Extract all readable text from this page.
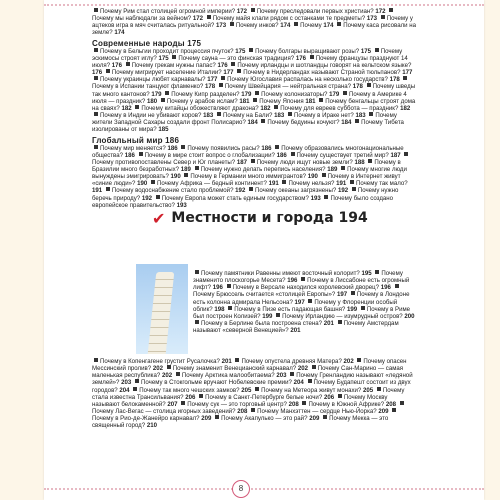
Почему Рим стал столицей огромной империи? 172 Почему преследовали первых христиан? 172 Почему мы наблюдали за вейном? 172 Почему майя клали рядом с останками те предметы? 173 Почему у ацтеков игра в мяч считалась ритуальной? 173 Почему инков? 174 Почему 174 Почему каса рисовали на земле? 174
Современные народы 175
Почему в Бельгии проходит процессия пчуток? 175 Почему болгары выращивают розы? 175 Почему эскимосы строят иглу? 175 Почему сауна — это финская традиция? 176 Почему французы празднуют 14 июля? 176 Почему грекам нужны папаc? 176 Почему ирландцы и шотландцы говорят на кельтском языке? 176 Почему мигрирует население Италии? 177 Почему в Нидерландах называют Страной тюльпанов? 177 Почему украинцы любят карнавалы? 177 Почему Югославия распалась на несколько государств? 178 Почему в Испании танцуют фламенко? 178 Почему Швейцария — нейтральная страна? 178 Почему шведы так много кантонов? 179 Почему Кипр разделен? 179 Почему колонизаторы? 179 Почему в Америке 4 июля — праздник? 180 Почему у арабов ислам? 181 Почему Япония 181 Почему бенгальцы строят дома на сваях? 182 Почему китайцы обожествляют дракона? 182 Почему для евреев суббота — праздник? 182 Почему в Индии не убивают коров? 183 Почему на Бали? 183 Почему в Ираке нет? 183 Почему жители Западной Сахары создали фронт Полисарио? 184 Почему бедуины кочуют? 184 Почему Тибета изолированы от мира? 185
Глобальный мир 186
Почему мир меняется? 186 Почему появились расы? 186 Почему образовались многонациональные общества? 186 Почему в мире стоит вопрос о глобализации? 186 Почему существует третий мир? 187 Почему противопоставлены Север и Юг планеты? 187 Почему люди ищут новые земли? 188 Почему в Бразилии много безработных? 189 Почему нужно делать перепись населения? 189 Почему многие люди вынуждены эмигрировать? 190 Почему в Германии много иммигрантов? 190 Почему в Интернет живут «синие люди»? 190 Почему Африка — бедный континент? 191 Почему нельзя? 191 Почему так мало? 191 Почему водоснабжение стало проблемой? 192 Почему океаны загрязнены? 192 Почему нужно беречь природу? 192 Почему Европа может стать единым государством? 193 Почему было создано европейское правительство? 193
✔ Местности и города 194
Почему памятники Равенны имеют восточный колорит? 195 Почему знаменито плоскогорье Месета? 196 Почему в Лиссабоне есть огромный лифт? 196 Почему в Версале находился королевский дворец? 196 Почему Брюссель считается «столицей Европы»? 197 Почему в Лондоне есть колонна адмирала Нельсона? 197 Почему у Флоренции особый облик? 198 Почему в Пизе есть падающая башня? 199 Почему в Риме был построен Колизей? 199 Почему Ирландию — изумрудный остров? 200 Почему в Берлине была построена стена? 201 Почему Амстердам называют «северной Венецией»? 201
Почему в Копенгагене грустит Русалочка? 201 Почему опустела древняя Матера? 202 Почему опасен Мессинский пролив? 202 Почему знаменит Венецианский карнавал? 202 Почему Сан-Марино — самая маленькая республика? 202 Почему Арктика малообитаема? 203 Почему Гренландию называют «ледяной землей»? 203 Почему в Стокгольме вручают Нобелевские премии? 204 Почему Будапешт состоит из двух городов? 204 Почему так много чешских замков? 205 Почему на Метеора живут монахи? 205 Почему стала известна Трансильвания? 206 Почему в Санкт-Петербурге белые ночи? 206 Почему Москву называют белокаменной? 207 Почему сук — это торговый центр? 208 Почему в Южной Африке? 208 Почему Лас-Вегас — столица игорных заведений? 208 Почему Манхэттен — сердце Нью-Йорка? 209 Почему в Рио-де-Жанейро карнавал? 209 Почему Акапулько — это рай? 209 Почему Мекка — это священный город? 210
8
